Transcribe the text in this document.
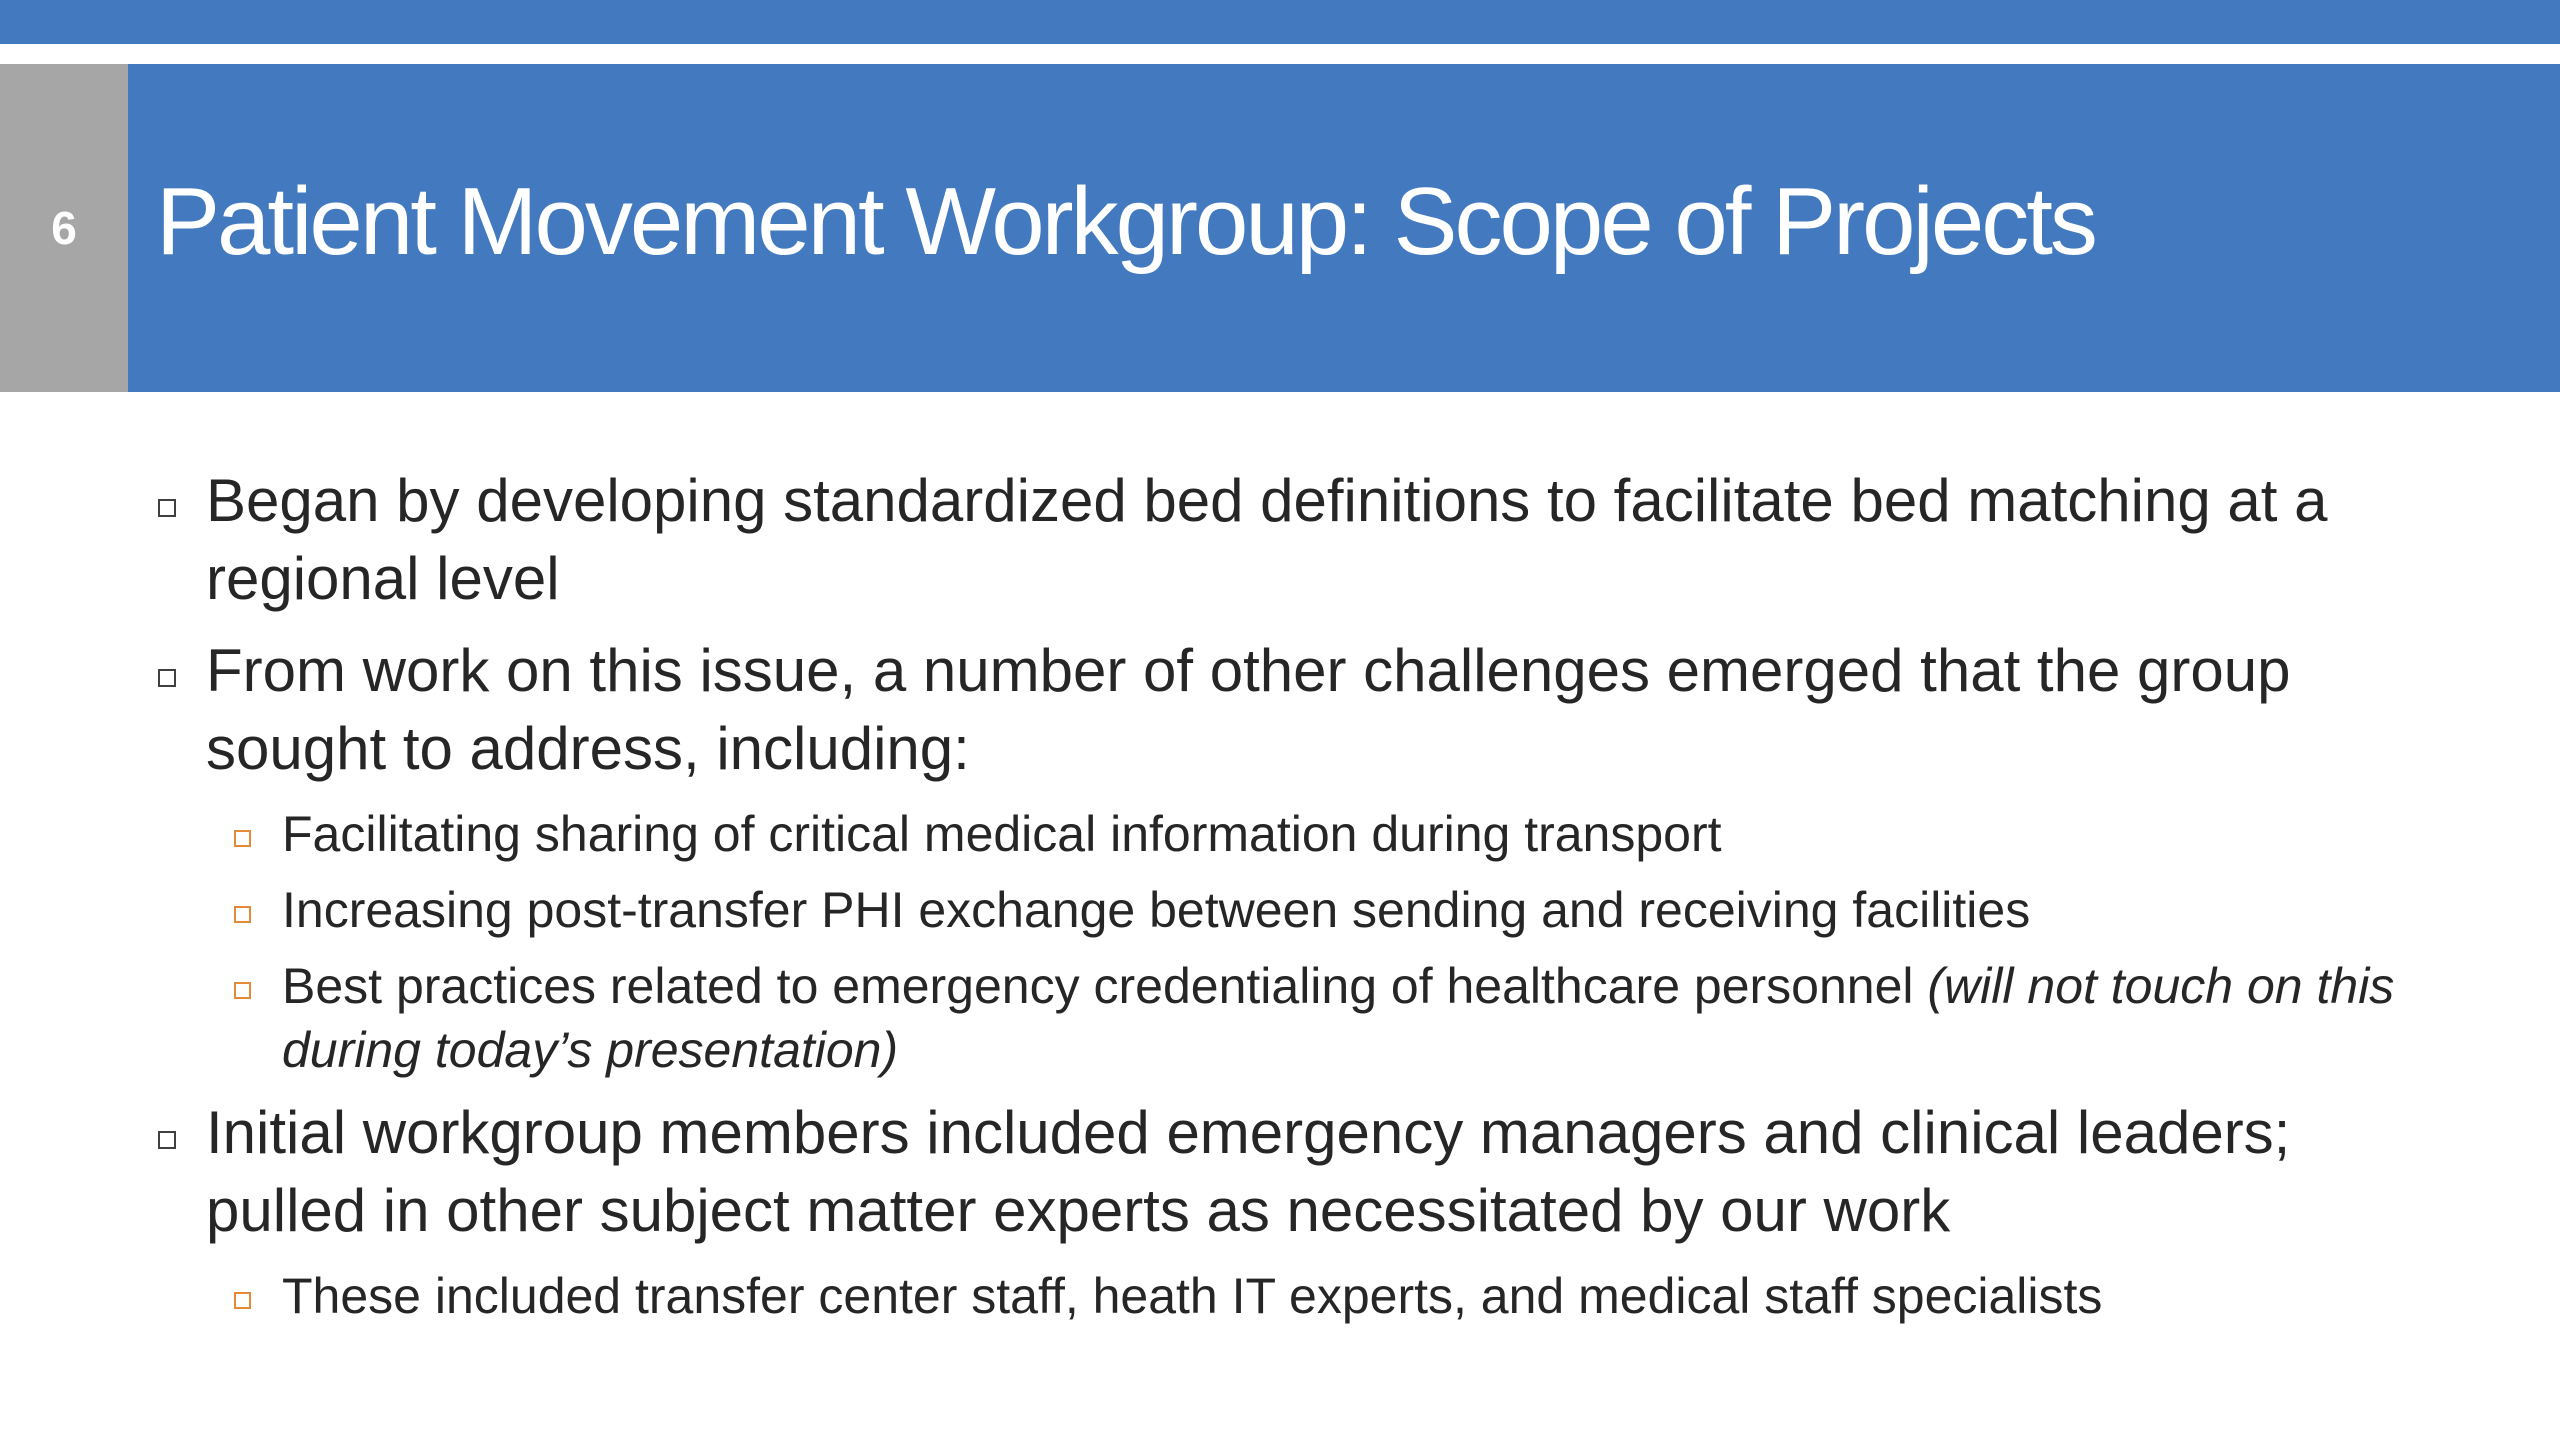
6 Patient Movement Workgroup: Scope of Projects
Began by developing standardized bed definitions to facilitate bed matching at a regional level
From work on this issue, a number of other challenges emerged that the group sought to address, including:
Facilitating sharing of critical medical information during transport
Increasing post-transfer PHI exchange between sending and receiving facilities
Best practices related to emergency credentialing of healthcare personnel (will not touch on this during today’s presentation)
Initial workgroup members included emergency managers and clinical leaders; pulled in other subject matter experts as necessitated by our work
These included transfer center staff, heath IT experts, and medical staff specialists
